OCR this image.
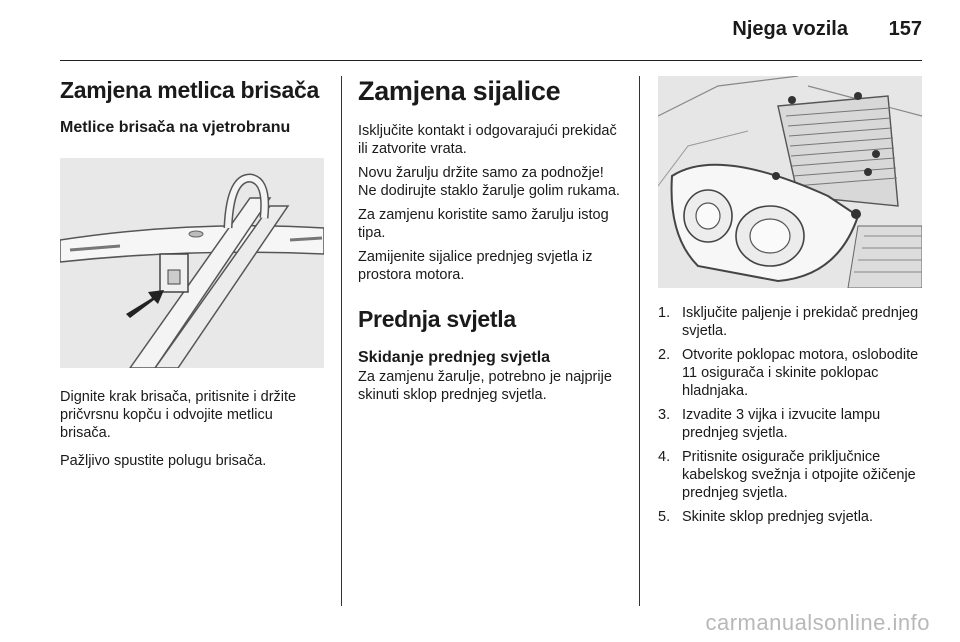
Njega vozila	157
Zamjena metlica brisača
Metlice brisača na vjetrobranu

Dignite krak brisača, pritisnite i držite pričvrsnu kopču i odvojite metlicu brisača.

Pažljivo spustite polugu brisača.

Zamjena sijalice

Isključite kontakt i odgovarajući prekidač ili zatvorite vrata.

Novu žarulju držite samo za podnožje! Ne dodirujte staklo žarulje golim rukama.

Za zamjenu koristite samo žarulju istog tipa.

Zamijenite sijalice prednjeg svjetla iz prostora motora.

Prednja svjetla
Skidanje prednjeg svjetla

Za zamjenu žarulje, potrebno je najprije skinuti sklop prednjeg svjetla.

1. Isključite paljenje i prekidač prednjeg svjetla.
2. Otvorite poklopac motora, oslobodite 11 osigurača i skinite poklopac hladnjaka.
3. Izvadite 3 vijka i izvucite lampu prednjeg svjetla.
4. Pritisnite osigurače priključnice kabelskog svežnja i otpojite ožičenje prednjeg svjetla.
5. Skinite sklop prednjeg svjetla.
carmanualsonline.info
